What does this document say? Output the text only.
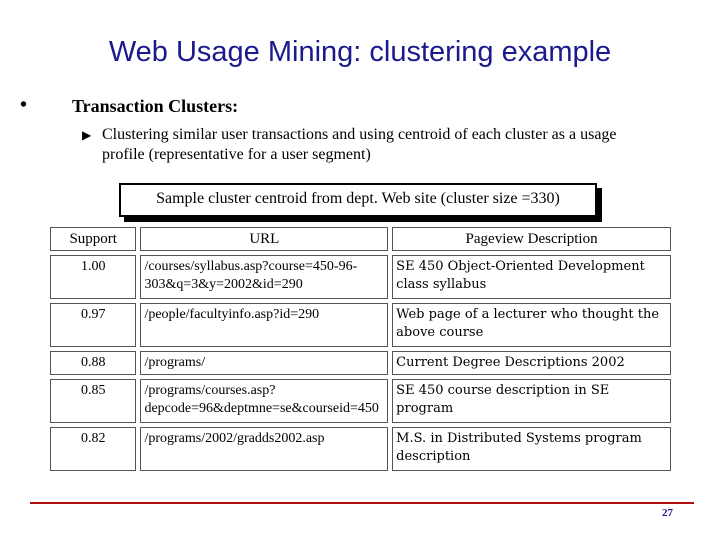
Web Usage Mining: clustering example
• Transaction Clusters:
▶ Clustering similar user transactions and using centroid of each cluster as a usage profile (representative for a user segment)
Sample cluster centroid from dept. Web site (cluster size =330)
Support	URL	Pageview Description
1.00	/courses/syllabus.asp?course=450-96-303&q=3&y=2002&id=290	SE 450 Object-Oriented Development class syllabus
0.97	/people/facultyinfo.asp?id=290	Web page of a lecturer who thought the above course
0.88	/programs/	Current Degree Descriptions 2002
0.85	/programs/courses.asp?depcode=96&deptmne=se&courseid=450	SE 450 course description in SE program
0.82	/programs/2002/gradds2002.asp	M.S. in Distributed Systems program description
27
